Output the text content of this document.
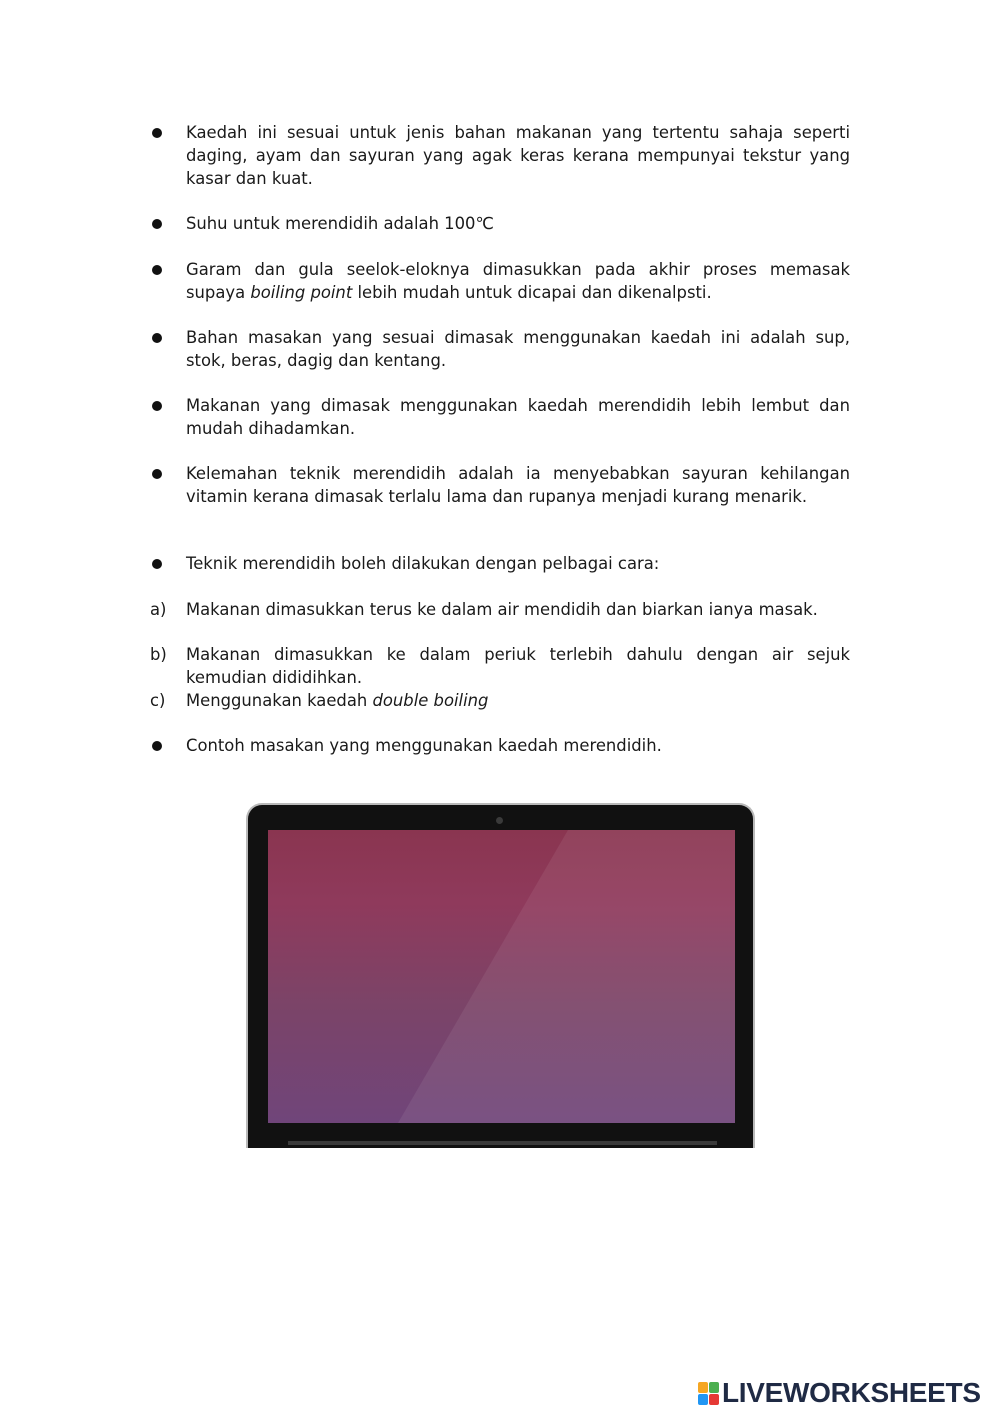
Kaedah ini sesuai untuk jenis bahan makanan yang tertentu sahaja seperti daging, ayam dan sayuran yang agak keras kerana mempunyai tekstur yang kasar dan kuat.
Suhu untuk merendidih adalah 100℃
Garam dan gula seelok-eloknya dimasukkan pada akhir proses memasak supaya boiling point lebih mudah untuk dicapai dan dikenalpsti.
Bahan masakan yang sesuai dimasak menggunakan kaedah ini adalah sup, stok, beras, dagig dan kentang.
Makanan yang dimasak menggunakan kaedah merendidih lebih lembut dan mudah dihadamkan.
Kelemahan teknik merendidih adalah ia menyebabkan sayuran kehilangan vitamin kerana dimasak terlalu lama dan rupanya menjadi kurang menarik.
Teknik merendidih boleh dilakukan dengan pelbagai cara:
a)	Makanan dimasukkan terus ke dalam air mendidih dan biarkan ianya masak.
b)	Makanan dimasukkan ke dalam periuk terlebih dahulu dengan air sejuk kemudian dididihkan.
c)	Menggunakan kaedah double boiling
Contoh masakan yang menggunakan kaedah merendidih.
LIVEWORKSHEETS
